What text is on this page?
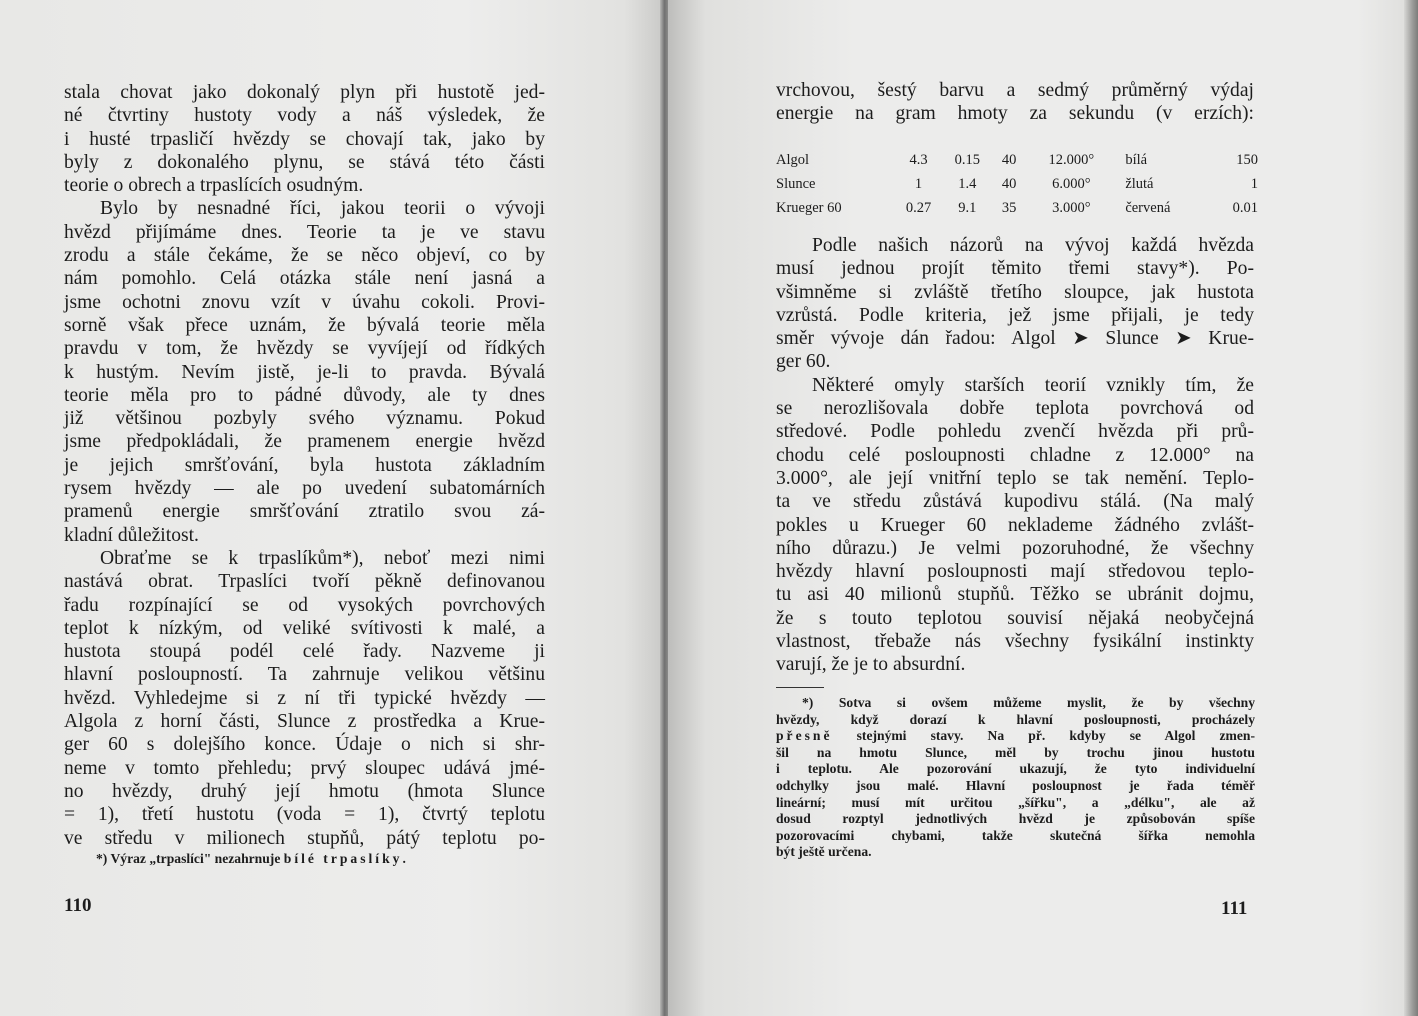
stala chovat jako dokonalý plyn při hustotě jed-
né čtvrtiny hustoty vody a náš výsledek, že
i husté trpasličí hvězdy se chovají tak, jako by
byly z dokonalého plynu, se stává této části
teorie o obrech a trpaslících osudným.
Bylo by nesnadné říci, jakou teorii o vývoji
hvězd přijímáme dnes. Teorie ta je ve stavu
zrodu a stále čekáme, že se něco objeví, co by
nám pomohlo. Celá otázka stále není jasná a
jsme ochotni znovu vzít v úvahu cokoli. Provi-
sorně však přece uznám, že bývalá teorie měla
pravdu v tom, že hvězdy se vyvíjejí od řídkých
k hustým. Nevím jistě, je-li to pravda. Bývalá
teorie měla pro to pádné důvody, ale ty dnes
již většinou pozbyly svého významu. Pokud
jsme předpokládali, že pramenem energie hvězd
je jejich smršťování, byla hustota základním
rysem hvězdy — ale po uvedení subatomárních
pramenů energie smršťování ztratilo svou zá-
kladní důležitost.
Obraťme se k trpaslíkům*), neboť mezi nimi
nastává obrat. Trpaslíci tvoří pěkně definovanou
řadu rozpínající se od vysokých povrchových
teplot k nízkým, od veliké svítivosti k malé, a
hustota stoupá podél celé řady. Nazveme ji
hlavní posloupností. Ta zahrnuje velikou většinu
hvězd. Vyhledejme si z ní tři typické hvězdy —
Algola z horní části, Slunce z prostředka a Krue-
ger 60 s dolejšího konce. Údaje o nich si shr-
neme v tomto přehledu; prvý sloupec udává jmé-
no hvězdy, druhý její hmotu (hmota Slunce
= 1), třetí hustotu (voda = 1), čtvrtý teplotu
ve středu v milionech stupňů, pátý teplotu po-
*) Výraz „trpaslíci" nezahrnuje bílé trpaslíky.
110
vrchovou, šestý barvu a sedmý průměrný výdaj
energie na gram hmoty za sekundu (v erzích):
Algol	4.3	0.15	40	12.000°	bílá	150
Slunce	1	1.4	40	6.000°	žlutá	1
Krueger 60	0.27	9.1	35	3.000°	červená	0.01
Podle našich názorů na vývoj každá hvězda
musí jednou projít těmito třemi stavy*). Po-
všimněme si zvláště třetího sloupce, jak hustota
vzrůstá. Podle kriteria, jež jsme přijali, je tedy
směr vývoje dán řadou: Algol ➤ Slunce ➤ Krue-
ger 60.
Některé omyly starších teorií vznikly tím, že
se nerozlišovala dobře teplota povrchová od
středové. Podle pohledu zvenčí hvězda při prů-
chodu celé posloupnosti chladne z 12.000° na
3.000°, ale její vnitřní teplo se tak nemění. Teplo-
ta ve středu zůstává kupodivu stálá. (Na malý
pokles u Krueger 60 neklademe žádného zvlášt-
ního důrazu.) Je velmi pozoruhodné, že všechny
hvězdy hlavní posloupnosti mají středovou teplo-
tu asi 40 milionů stupňů. Těžko se ubránit dojmu,
že s touto teplotou souvisí nějaká neobyčejná
vlastnost, třebaže nás všechny fysikální instinkty
varují, že je to absurdní.
*) Sotva si ovšem můžeme myslit, že by všechny
hvězdy, když dorazí k hlavní posloupnosti, procházely
přesně stejnými stavy. Na př. kdyby se Algol zmen-
šil na hmotu Slunce, měl by trochu jinou hustotu
i teplotu. Ale pozorování ukazují, že tyto individuelní
odchylky jsou malé. Hlavní posloupnost je řada téměř
lineární; musí mít určitou „šířku", a „délku", ale až
dosud rozptyl jednotlivých hvězd je způsobován spíše
pozorovacími chybami, takže skutečná šířka nemohla
být ještě určena.
111
